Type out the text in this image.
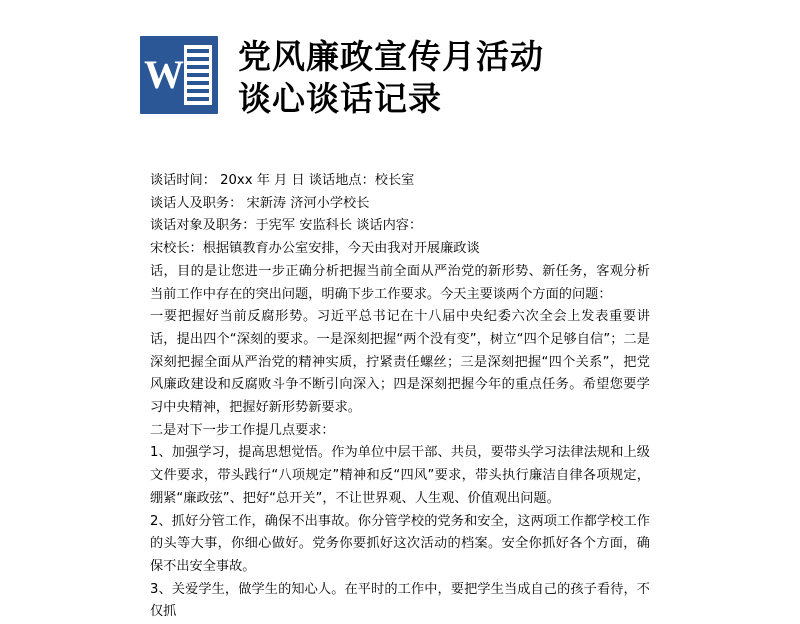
W 党风廉政宣传月活动
谈心谈话记录

谈话时间： 20xx 年 月 日 谈话地点：校长室

谈话人及职务： 宋新涛 济河小学校长

谈话对象及职务：于宪军 安监科长 谈话内容：

宋校长：根据镇教育办公室安排，今天由我对开展廉政谈

话，目的是让您进一步正确分析把握当前全面从严治党的新形势、新任务，客观分析当前工作中存在的突出问题，明确下步工作要求。今天主要谈两个方面的问题：

一要把握好当前反腐形势。习近平总书记在十八届中央纪委六次全会上发表重要讲话，提出四个“深刻的要求。一是深刻把握“两个没有变”，树立“四个足够自信”；二是深刻把握全面从严治党的精神实质，拧紧责任螺丝；三是深刻把握“四个关系”，把党风廉政建设和反腐败斗争不断引向深入；四是深刻把握今年的重点任务。希望您要学习中央精神，把握好新形势新要求。

二是对下一步工作提几点要求：

1、加强学习，提高思想觉悟。作为单位中层干部、共员，要带头学习法律法规和上级文件要求，带头践行“八项规定”精神和反“四风”要求，带头执行廉洁自律各项规定，绷紧“廉政弦”、把好“总开关”，不让世界观、人生观、价值观出问题。

2、抓好分管工作，确保不出事故。你分管学校的党务和安全，这两项工作都学校工作的头等大事，你细心做好。党务你要抓好这次活动的档案。安全你抓好各个方面，确保不出安全事故。

3、关爱学生，做学生的知心人。在平时的工作中，要把学生当成自己的孩子看待，不仅抓
